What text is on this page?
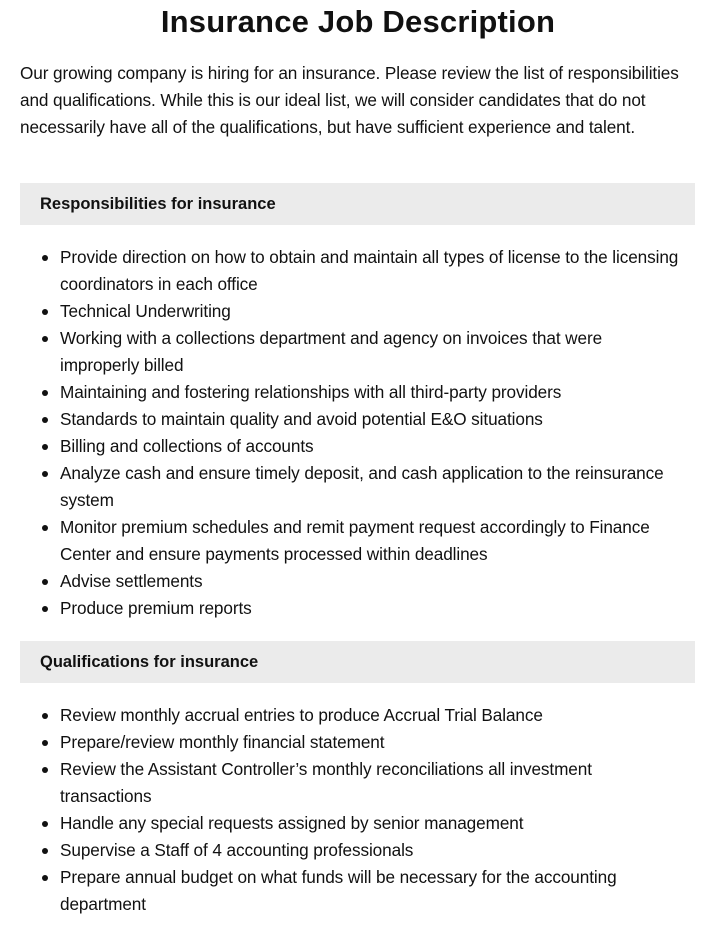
Insurance Job Description

Our growing company is hiring for an insurance. Please review the list of responsibilities and qualifications. While this is our ideal list, we will consider candidates that do not necessarily have all of the qualifications, but have sufficient experience and talent.

Responsibilities for insurance
Provide direction on how to obtain and maintain all types of license to the licensing coordinators in each office
Technical Underwriting
Working with a collections department and agency on invoices that were improperly billed
Maintaining and fostering relationships with all third-party providers
Standards to maintain quality and avoid potential E&O situations
Billing and collections of accounts
Analyze cash and ensure timely deposit, and cash application to the reinsurance system
Monitor premium schedules and remit payment request accordingly to Finance Center and ensure payments processed within deadlines
Advise settlements
Produce premium reports
Qualifications for insurance
Review monthly accrual entries to produce Accrual Trial Balance
Prepare/review monthly financial statement
Review the Assistant Controller’s monthly reconciliations all investment transactions
Handle any special requests assigned by senior management
Supervise a Staff of 4 accounting professionals
Prepare annual budget on what funds will be necessary for the accounting department
